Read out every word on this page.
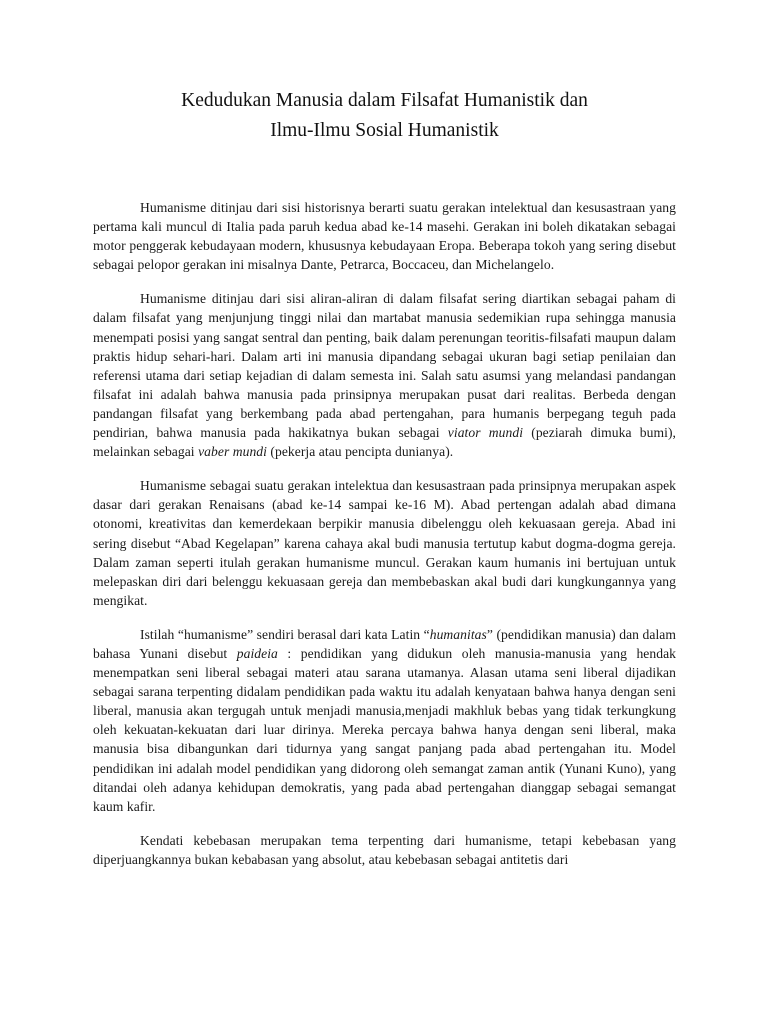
Kedudukan Manusia dalam Filsafat Humanistik dan
Ilmu-Ilmu Sosial Humanistik

Humanisme ditinjau dari sisi historisnya berarti suatu gerakan intelektual dan kesusastraan yang pertama kali muncul di Italia pada paruh kedua abad ke-14 masehi. Gerakan ini boleh dikatakan sebagai motor penggerak kebudayaan modern, khususnya kebudayaan Eropa. Beberapa tokoh yang sering disebut sebagai pelopor gerakan ini misalnya Dante, Petrarca, Boccaceu, dan Michelangelo.

Humanisme ditinjau dari sisi aliran-aliran di dalam filsafat sering diartikan sebagai paham di dalam filsafat yang menjunjung tinggi nilai dan martabat manusia sedemikian rupa sehingga manusia menempati posisi yang sangat sentral dan penting, baik dalam perenungan teoritis-filsafati maupun dalam praktis hidup sehari-hari. Dalam arti ini manusia dipandang sebagai ukuran bagi setiap penilaian dan referensi utama dari setiap kejadian di dalam semesta ini. Salah satu asumsi yang melandasi pandangan filsafat ini adalah bahwa manusia pada prinsipnya merupakan pusat dari realitas. Berbeda dengan pandangan filsafat yang berkembang pada abad pertengahan, para humanis berpegang teguh pada pendirian, bahwa manusia pada hakikatnya bukan sebagai viator mundi (peziarah dimuka bumi), melainkan sebagai vaber mundi (pekerja atau pencipta dunianya).

Humanisme sebagai suatu gerakan intelektua dan kesusastraan pada prinsipnya merupakan aspek dasar dari gerakan Renaisans (abad ke-14 sampai ke-16 M). Abad pertengan adalah abad dimana otonomi, kreativitas dan kemerdekaan berpikir manusia dibelenggu oleh kekuasaan gereja. Abad ini sering disebut “Abad Kegelapan” karena cahaya akal budi manusia tertutup kabut dogma-dogma gereja. Dalam zaman seperti itulah gerakan humanisme muncul. Gerakan kaum humanis ini bertujuan untuk melepaskan diri dari belenggu kekuasaan gereja dan membebaskan akal budi dari kungkungannya yang mengikat.

Istilah “humanisme” sendiri berasal dari kata Latin “humanitas” (pendidikan manusia) dan dalam bahasa Yunani disebut paideia : pendidikan yang didukun oleh manusia-manusia yang hendak menempatkan seni liberal sebagai materi atau sarana utamanya. Alasan utama seni liberal dijadikan sebagai sarana terpenting didalam pendidikan pada waktu itu adalah kenyataan bahwa hanya dengan seni liberal, manusia akan tergugah untuk menjadi manusia,menjadi makhluk bebas yang tidak terkungkung oleh kekuatan-kekuatan dari luar dirinya. Mereka percaya bahwa hanya dengan seni liberal, maka manusia bisa dibangunkan dari tidurnya yang sangat panjang pada abad pertengahan itu. Model pendidikan ini adalah model pendidikan yang didorong oleh semangat zaman antik (Yunani Kuno), yang ditandai oleh adanya kehidupan demokratis, yang pada abad pertengahan dianggap sebagai semangat kaum kafir.

Kendati kebebasan merupakan tema terpenting dari humanisme, tetapi kebebasan yang diperjuangkannya bukan kebabasan yang absolut, atau kebebasan sebagai antitetis dari
